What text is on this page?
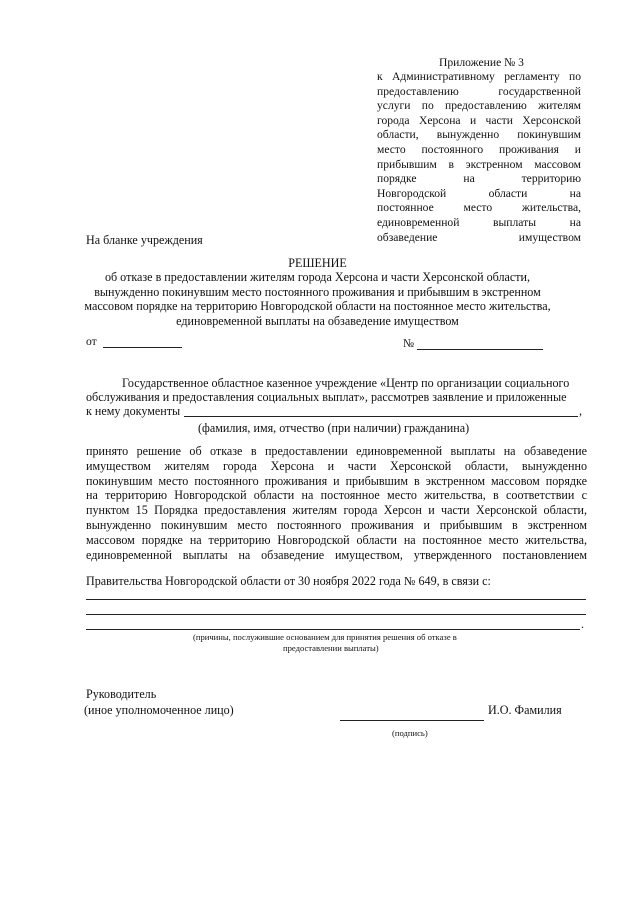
Приложение № 3
к Административному регламенту по
предоставлению государственной
услуги по предоставлению жителям
города Херсона и части Херсонской
области, вынужденно покинувшим
место постоянного проживания и
прибывшим в экстренном массовом
порядке на территорию
Новгородской области на
постоянное место жительства,
единовременной выплаты на
обзаведение имуществом
На бланке учреждения
РЕШЕНИЕ
об отказе в предоставлении жителям города Херсона и части Херсонской области,
вынужденно покинувшим место постоянного проживания и прибывшим в экстренном
массовом порядке на территорию Новгородской области на постоянное место жительства,
единовременной выплаты на обзаведение имуществом
от	№
Государственное областное казенное учреждение «Центр по организации социального
обслуживания и предоставления социальных выплат», рассмотрев заявление и приложенные
к нему документы	,
(фамилия, имя, отчество (при наличии) гражданина)
принято решение об отказе в предоставлении единовременной выплаты на обзаведение
имуществом жителям города Херсона и части Херсонской области, вынужденно
покинувшим место постоянного проживания и прибывшим в экстренном массовом порядке
на территорию Новгородской области на постоянное место жительства, в соответствии с
пунктом 15 Порядка предоставления жителям города Херсон и части Херсонской области,
вынужденно покинувшим место постоянного проживания и прибывшим в экстренном
массовом порядке на территорию Новгородской области на постоянное место жительства,
единовременной выплаты на обзаведение имуществом, утвержденного постановлением
Правительства Новгородской области от 30 ноября 2022 года № 649, в связи с:
.
(причины, послужившие основанием для принятия решения об отказе в
предоставлении выплаты)
Руководитель
(иное уполномоченное лицо)	И.О. Фамилия
(подпись)
